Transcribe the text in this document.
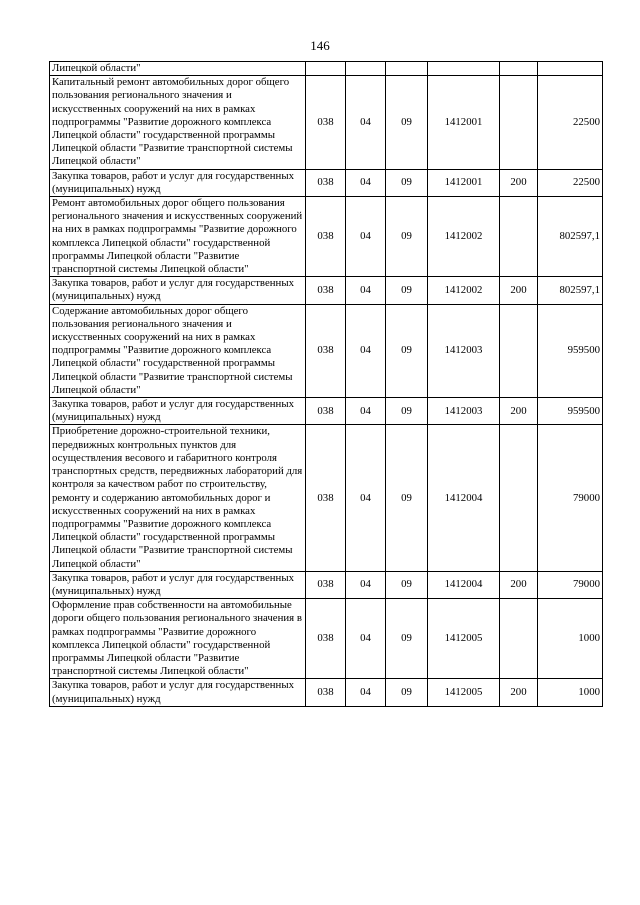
146
Липецкой области"						
Капитальный ремонт автомобильных дорог общего пользования регионального значения и искусственных сооружений на них в рамках подпрограммы "Развитие дорожного комплекса Липецкой области" государственной программы Липецкой области "Развитие транспортной системы Липецкой области"	038	04	09	1412001		22500
Закупка товаров, работ и услуг для государственных (муниципальных) нужд	038	04	09	1412001	200	22500
Ремонт автомобильных дорог общего пользования регионального значения и искусственных сооружений на них в рамках подпрограммы "Развитие дорожного комплекса Липецкой области" государственной программы Липецкой области "Развитие транспортной системы Липецкой области"	038	04	09	1412002		802597,1
Закупка товаров, работ и услуг для государственных (муниципальных) нужд	038	04	09	1412002	200	802597,1
Содержание автомобильных дорог общего пользования регионального значения и искусственных сооружений на них в рамках подпрограммы "Развитие дорожного комплекса Липецкой области" государственной программы Липецкой области "Развитие транспортной системы Липецкой области"	038	04	09	1412003		959500
Закупка товаров, работ и услуг для государственных (муниципальных) нужд	038	04	09	1412003	200	959500
Приобретение дорожно-строительной техники, передвижных контрольных пунктов для осуществления весового и габаритного контроля транспортных средств, передвижных лабораторий для контроля за качеством работ по строительству, ремонту и содержанию автомобильных дорог и искусственных сооружений на них в рамках подпрограммы "Развитие дорожного комплекса Липецкой области" государственной программы Липецкой области "Развитие транспортной системы Липецкой области"	038	04	09	1412004		79000
Закупка товаров, работ и услуг для государственных (муниципальных) нужд	038	04	09	1412004	200	79000
Оформление прав собственности на автомобильные дороги общего пользования регионального значения в рамках подпрограммы "Развитие дорожного комплекса Липецкой области" государственной программы Липецкой области "Развитие транспортной системы Липецкой области"	038	04	09	1412005		1000
Закупка товаров, работ и услуг для государственных (муниципальных) нужд	038	04	09	1412005	200	1000
